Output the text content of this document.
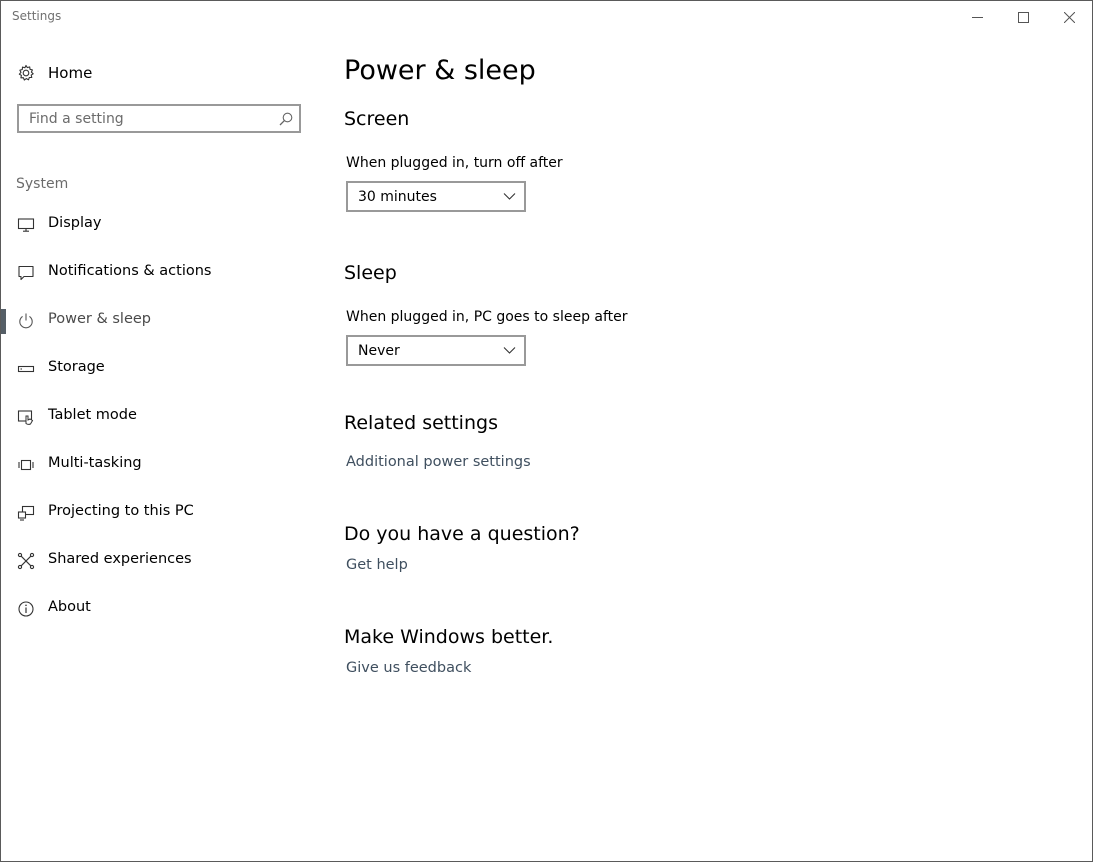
Settings
Home
Find a setting
System
Display
Notifications & actions
Power & sleep
Storage
Tablet mode
Multi-tasking
Projecting to this PC
Shared experiences
About
Power & sleep
Screen
When plugged in, turn off after
30 minutes
Sleep
When plugged in, PC goes to sleep after
Never
Related settings
Additional power settings
Do you have a question?
Get help
Make Windows better.
Give us feedback
